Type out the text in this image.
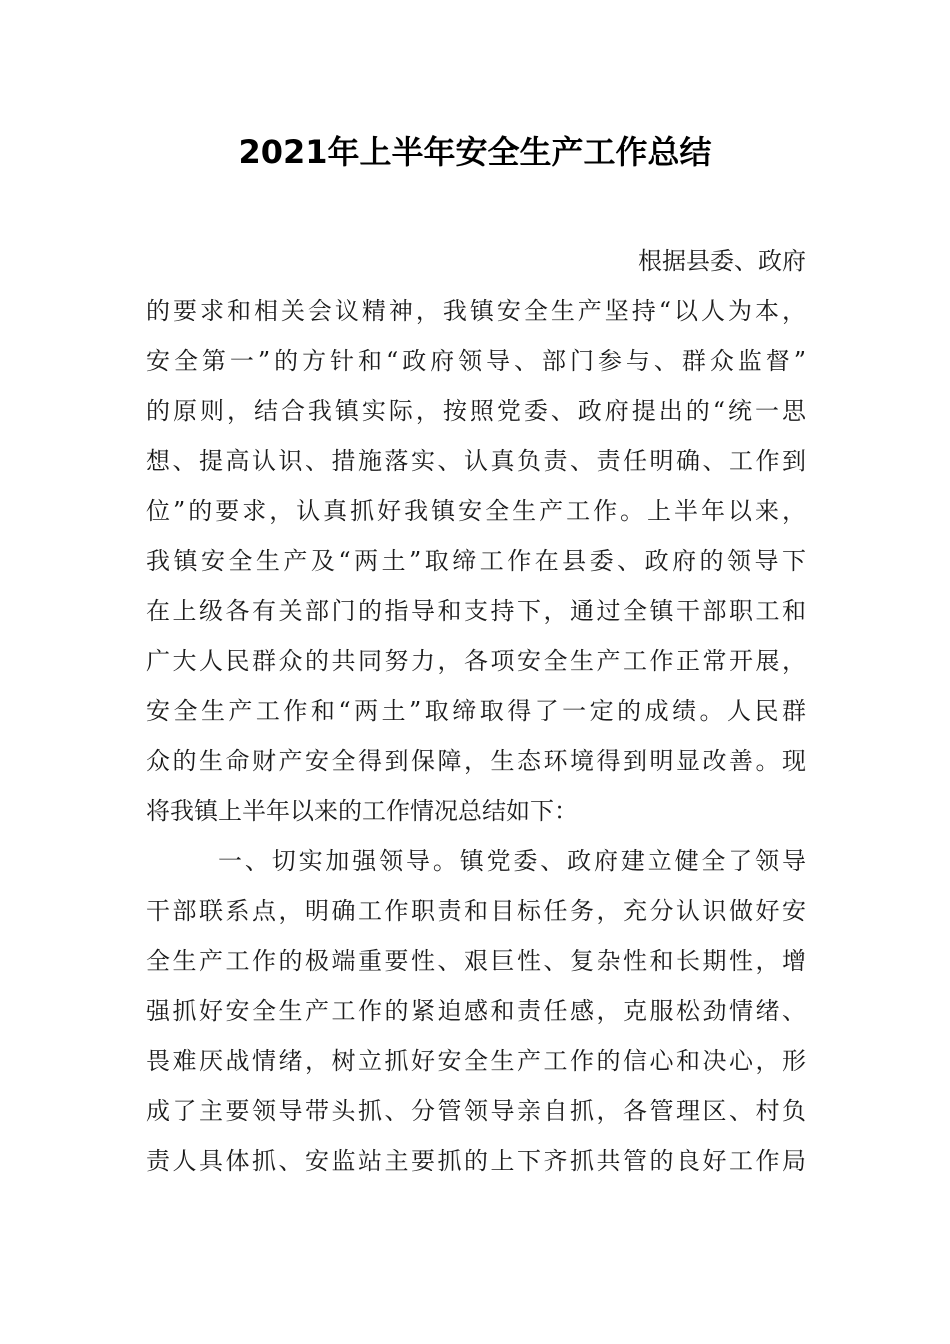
2021年上半年安全生产工作总结
根据县委、政府
的要求和相关会议精神，我镇安全生产坚持“以人为本，
安全第一”的方针和“政府领导、部门参与、群众监督”
的原则，结合我镇实际，按照党委、政府提出的“统一思
想、提高认识、措施落实、认真负责、责任明确、工作到
位”的要求，认真抓好我镇安全生产工作。上半年以来，
我镇安全生产及“两土”取缔工作在县委、政府的领导下
在上级各有关部门的指导和支持下，通过全镇干部职工和
广大人民群众的共同努力，各项安全生产工作正常开展，
安全生产工作和“两土”取缔取得了一定的成绩。人民群
众的生命财产安全得到保障，生态环境得到明显改善。现
将我镇上半年以来的工作情况总结如下：
一、切实加强领导。镇党委、政府建立健全了领导
干部联系点，明确工作职责和目标任务，充分认识做好安
全生产工作的极端重要性、艰巨性、复杂性和长期性，增
强抓好安全生产工作的紧迫感和责任感，克服松劲情绪、
畏难厌战情绪，树立抓好安全生产工作的信心和决心，形
成了主要领导带头抓、分管领导亲自抓，各管理区、村负
责人具体抓、安监站主要抓的上下齐抓共管的良好工作局
